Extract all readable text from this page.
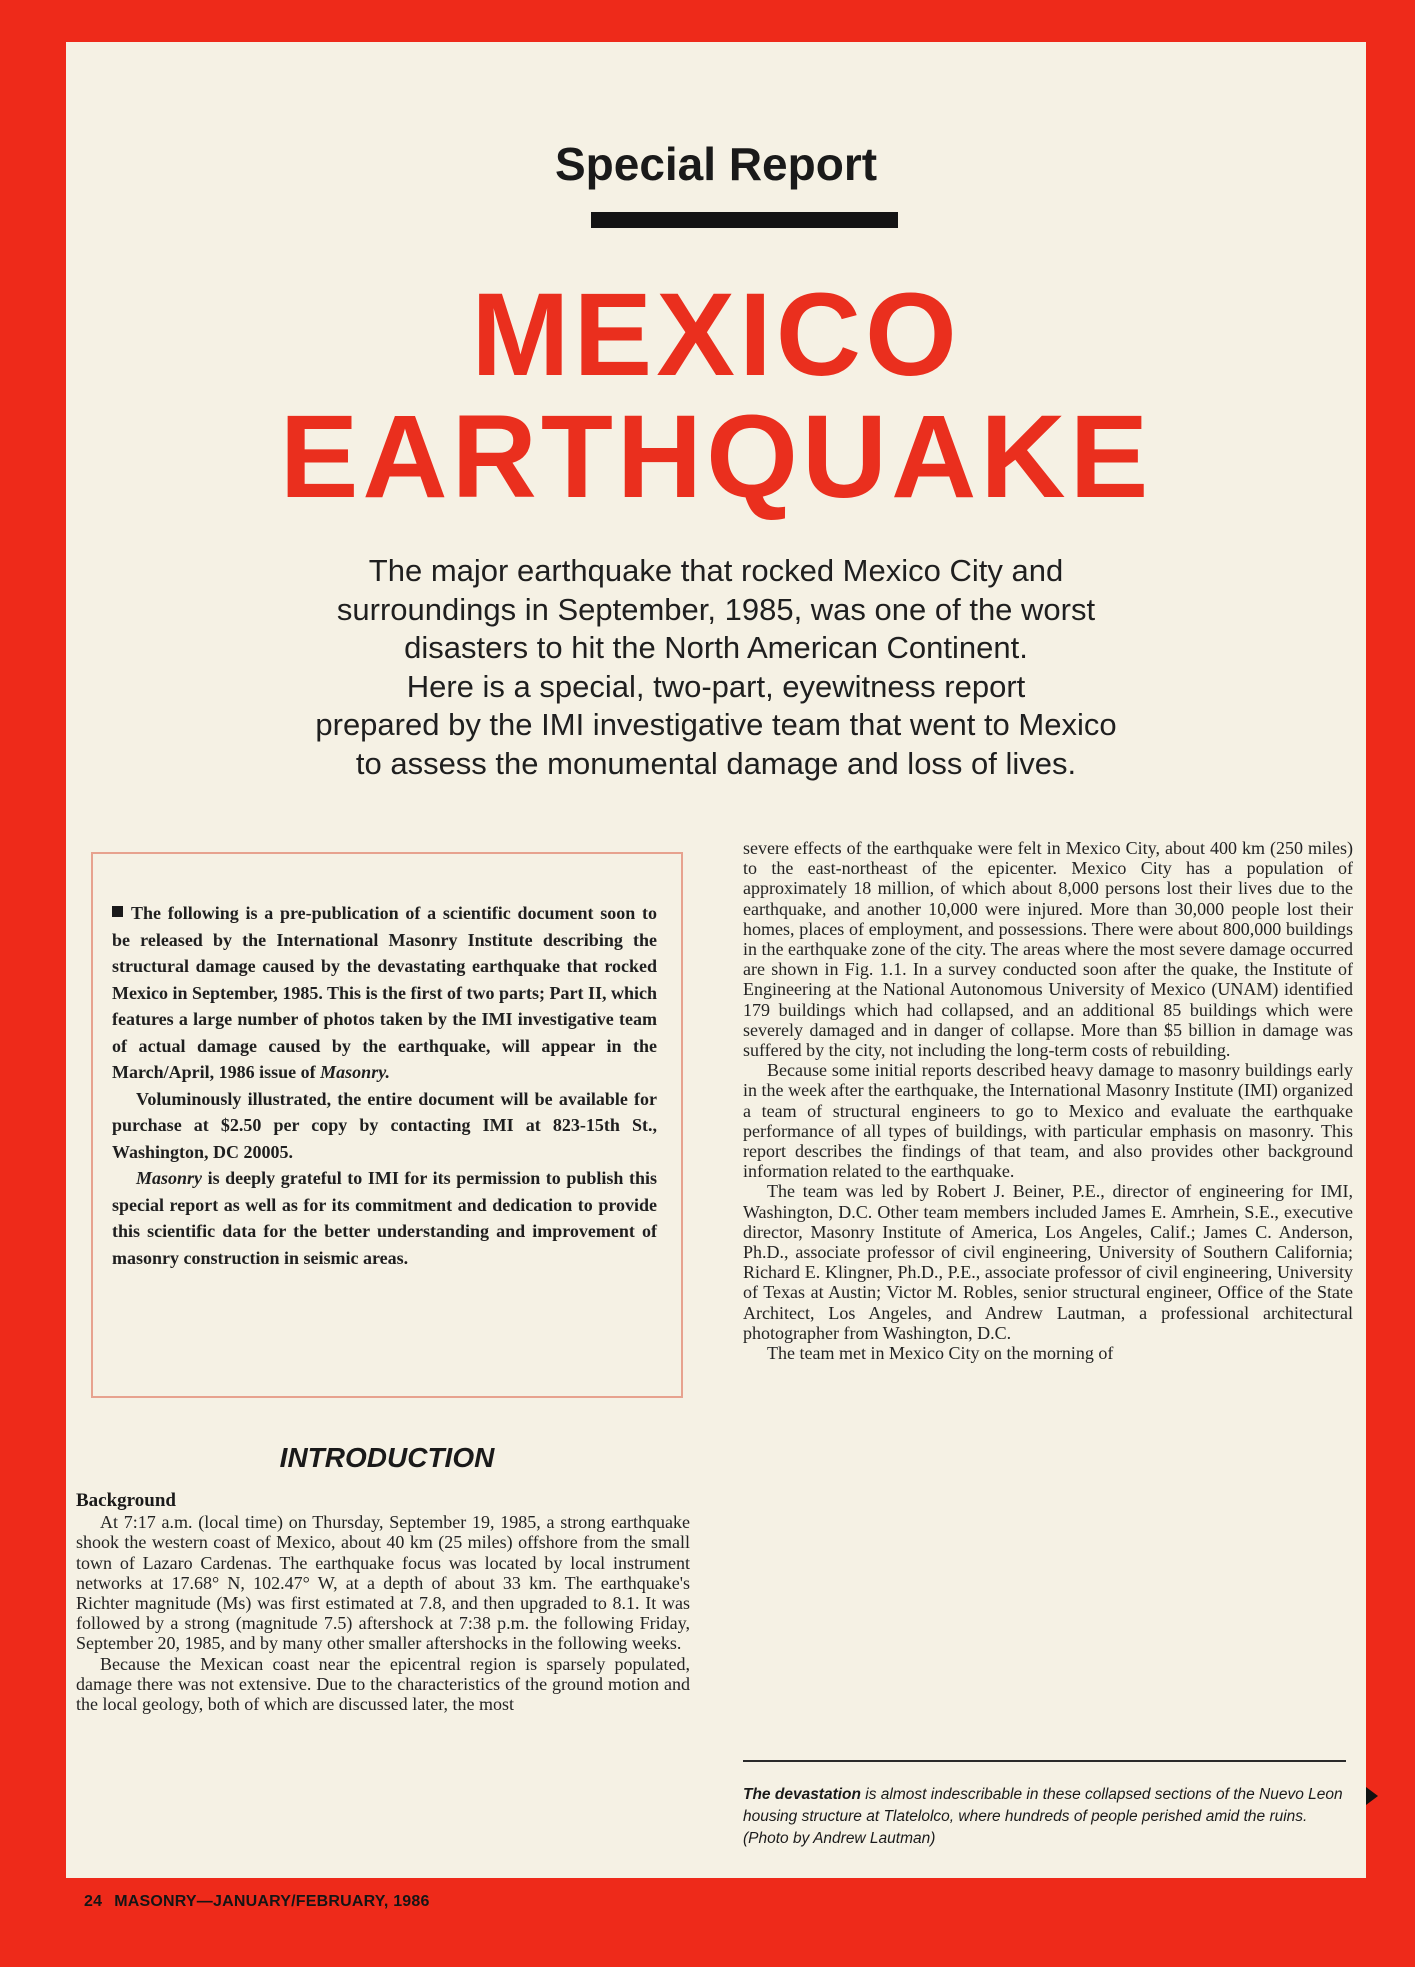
Special Report
MEXICO
EARTHQUAKE
The major earthquake that rocked Mexico City and
surroundings in September, 1985, was one of the worst
disasters to hit the North American Continent.
Here is a special, two-part, eyewitness report
prepared by the IMI investigative team that went to Mexico
to assess the monumental damage and loss of lives.

The following is a pre-publication of a scientific document soon to be released by the International Masonry Institute describing the structural damage caused by the devastating earthquake that rocked Mexico in September, 1985. This is the first of two parts; Part II, which features a large number of photos taken by the IMI investigative team of actual damage caused by the earthquake, will appear in the March/April, 1986 issue of Masonry.

Voluminously illustrated, the entire document will be available for purchase at $2.50 per copy by contacting IMI at 823-15th St., Washington, DC 20005.

Masonry is deeply grateful to IMI for its permission to publish this special report as well as for its commitment and dedication to provide this scientific data for the better understanding and improvement of masonry construction in seismic areas.

INTRODUCTION
Background

At 7:17 a.m. (local time) on Thursday, September 19, 1985, a strong earthquake shook the western coast of Mexico, about 40 km (25 miles) offshore from the small town of Lazaro Cardenas. The earthquake focus was located by local instrument networks at 17.68° N, 102.47° W, at a depth of about 33 km. The earthquake's Richter magnitude (Ms) was first estimated at 7.8, and then upgraded to 8.1. It was followed by a strong (magnitude 7.5) aftershock at 7:38 p.m. the following Friday, September 20, 1985, and by many other smaller aftershocks in the following weeks.

Because the Mexican coast near the epicentral region is sparsely populated, damage there was not extensive. Due to the characteristics of the ground motion and the local geology, both of which are discussed later, the most

severe effects of the earthquake were felt in Mexico City, about 400 km (250 miles) to the east-northeast of the epicenter. Mexico City has a population of approximately 18 million, of which about 8,000 persons lost their lives due to the earthquake, and another 10,000 were injured. More than 30,000 people lost their homes, places of employment, and possessions. There were about 800,000 buildings in the earthquake zone of the city. The areas where the most severe damage occurred are shown in Fig. 1.1. In a survey conducted soon after the quake, the Institute of Engineering at the National Autonomous University of Mexico (UNAM) identified 179 buildings which had collapsed, and an additional 85 buildings which were severely damaged and in danger of collapse. More than $5 billion in damage was suffered by the city, not including the long-term costs of rebuilding.

Because some initial reports described heavy damage to masonry buildings early in the week after the earthquake, the International Masonry Institute (IMI) organized a team of structural engineers to go to Mexico and evaluate the earthquake performance of all types of buildings, with particular emphasis on masonry. This report describes the findings of that team, and also provides other background information related to the earthquake.

The team was led by Robert J. Beiner, P.E., director of engineering for IMI, Washington, D.C. Other team members included James E. Amrhein, S.E., executive director, Masonry Institute of America, Los Angeles, Calif.; James C. Anderson, Ph.D., associate professor of civil engineering, University of Southern California; Richard E. Klingner, Ph.D., P.E., associate professor of civil engineering, University of Texas at Austin; Victor M. Robles, senior structural engineer, Office of the State Architect, Los Angeles, and Andrew Lautman, a professional architectural photographer from Washington, D.C.

The team met in Mexico City on the morning of

The devastation is almost indescribable in these collapsed sections of the Nuevo Leon housing structure at Tlatelolco, where hundreds of people perished amid the ruins. (Photo by Andrew Lautman)

24 MASONRY—JANUARY/FEBRUARY, 1986
